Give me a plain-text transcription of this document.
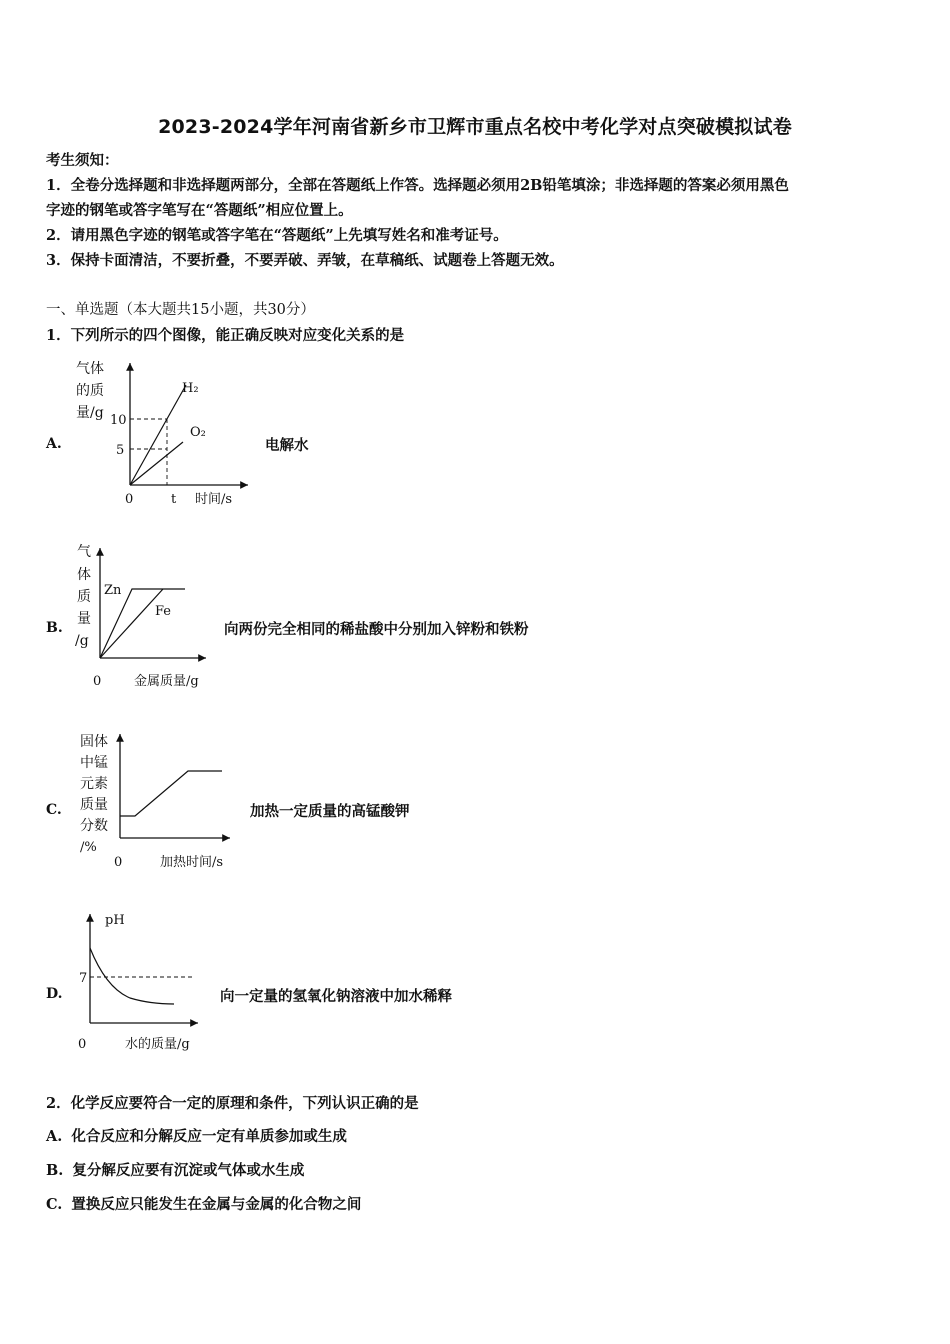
2023-2024学年河南省新乡市卫辉市重点名校中考化学对点突破模拟试卷
考生须知：
1．全卷分选择题和非选择题两部分，全部在答题纸上作答。选择题必须用2B铅笔填涂；非选择题的答案必须用黑色
字迹的钢笔或答字笔写在“答题纸”相应位置上。
2．请用黑色字迹的钢笔或答字笔在“答题纸”上先填写姓名和准考证号。
3．保持卡面清洁，不要折叠，不要弄破、弄皱，在草稿纸、试题卷上答题无效。
一、单选题（本大题共15小题，共30分）
1．下列所示的四个图像，能正确反映对应变化关系的是
A.
气体
的质
量/g 10
5
0	t 时间/s
H₂
O₂
电解水
B.
气
体
质
量
/g
Zn
Fe
0	金属质量/g
向两份完全相同的稀盐酸中分别加入锌粉和铁粉
C.
固体
中锰
元素
质量
分数
/%
0	加热时间/s
加热一定质量的高锰酸钾
D.
pH
7
0	水的质量/g
向一定量的氢氧化钠溶液中加水稀释
2．化学反应要符合一定的原理和条件，下列认识正确的是
A. 化合反应和分解反应一定有单质参加或生成
B. 复分解反应要有沉淀或气体或水生成
C. 置换反应只能发生在金属与金属的化合物之间
